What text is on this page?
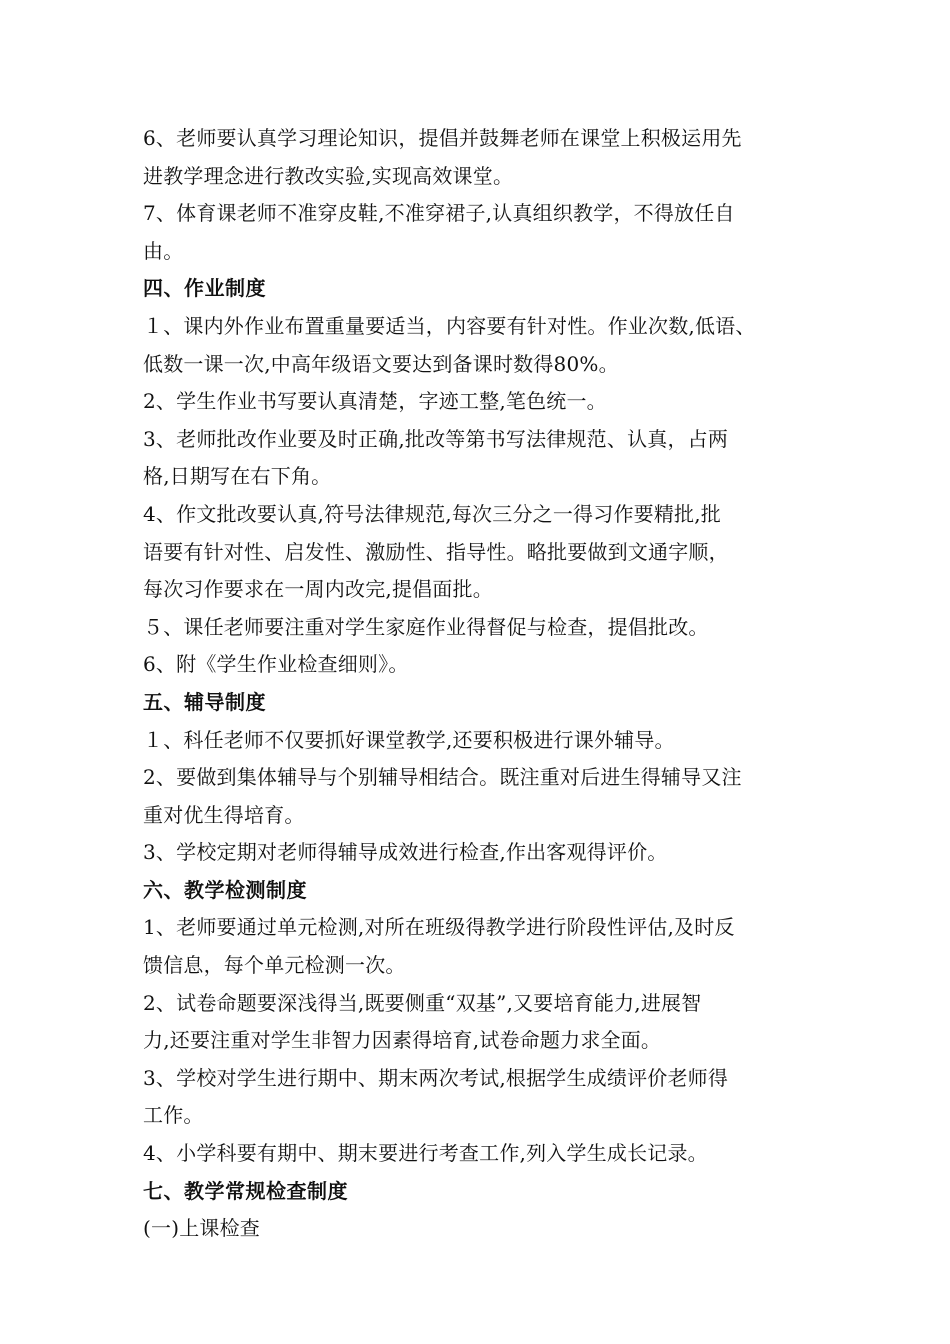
6、老师要认真学习理论知识，提倡并鼓舞老师在课堂上积极运用先
进教学理念进行教改实验,实现高效课堂。
7、体育课老师不准穿皮鞋,不准穿裙子,认真组织教学，不得放任自
由。
四、作业制度
１、课内外作业布置重量要适当，内容要有针对性。作业次数,低语、
低数一课一次,中高年级语文要达到备课时数得80%。
2、学生作业书写要认真清楚，字迹工整,笔色统一。
3、老师批改作业要及时正确,批改等第书写法律规范、认真，占两
格,日期写在右下角。
4、作文批改要认真,符号法律规范,每次三分之一得习作要精批,批
语要有针对性、启发性、激励性、指导性。略批要做到文通字顺，
每次习作要求在一周内改完,提倡面批。
５、课任老师要注重对学生家庭作业得督促与检查，提倡批改。
6、附《学生作业检查细则》。
五、辅导制度
１、科任老师不仅要抓好课堂教学,还要积极进行课外辅导。
2、要做到集体辅导与个别辅导相结合。既注重对后进生得辅导又注
重对优生得培育。
3、学校定期对老师得辅导成效进行检查,作出客观得评价。
六、教学检测制度
1、老师要通过单元检测,对所在班级得教学进行阶段性评估,及时反
馈信息，每个单元检测一次。
2、试卷命题要深浅得当,既要侧重“双基”,又要培育能力,进展智
力,还要注重对学生非智力因素得培育,试卷命题力求全面。
3、学校对学生进行期中、期末两次考试,根据学生成绩评价老师得
工作。
4、小学科要有期中、期末要进行考查工作,列入学生成长记录。
七、教学常规检查制度
(一)上课检查
